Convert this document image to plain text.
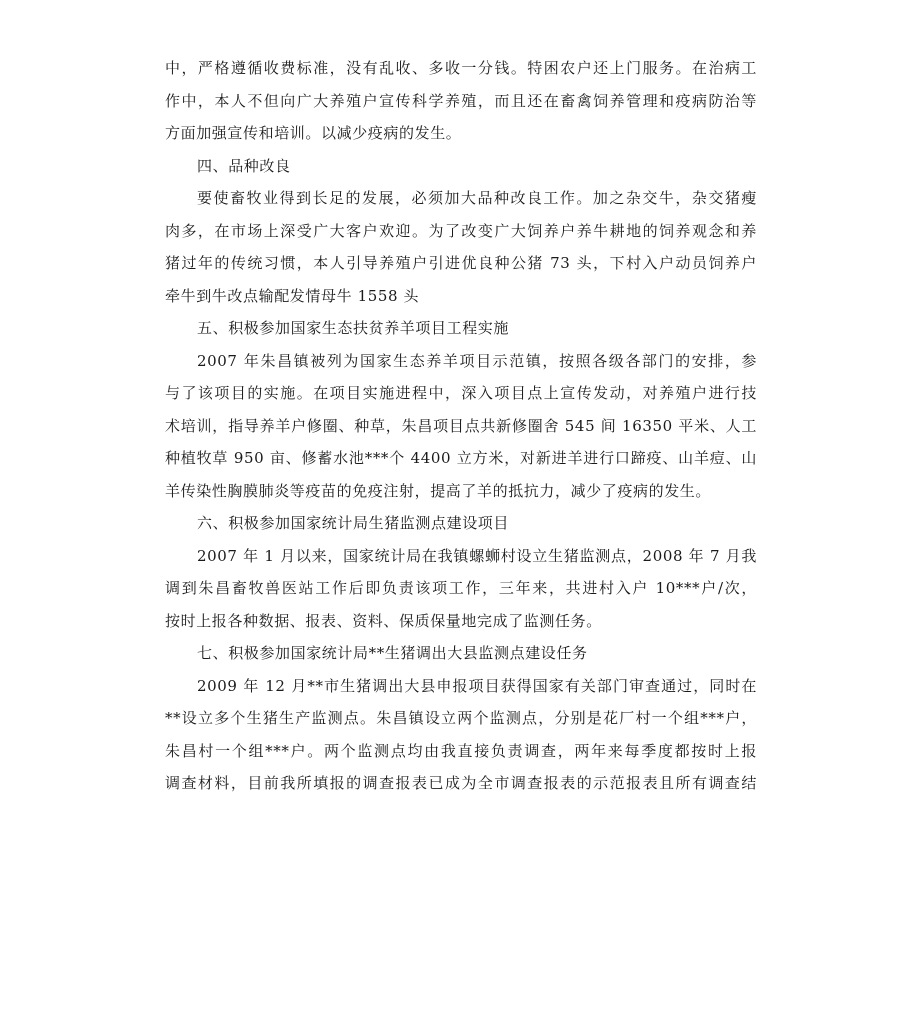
中，严格遵循收费标准，没有乱收、多收一分钱。特困农户还上门服务。在治病工
作中，本人不但向广大养殖户宣传科学养殖，而且还在畜禽饲养管理和疫病防治等
方面加强宣传和培训。以减少疫病的发生。
四、品种改良
要使畜牧业得到长足的发展，必须加大品种改良工作。加之杂交牛，杂交猪瘦
肉多，在市场上深受广大客户欢迎。为了改变广大饲养户养牛耕地的饲养观念和养
猪过年的传统习惯，本人引导养殖户引进优良种公猪 73 头，下村入户动员饲养户
牵牛到牛改点输配发情母牛 1558 头
五、积极参加国家生态扶贫养羊项目工程实施
2007 年朱昌镇被列为国家生态养羊项目示范镇，按照各级各部门的安排，参
与了该项目的实施。在项目实施进程中，深入项目点上宣传发动，对养殖户进行技
术培训，指导养羊户修圈、种草，朱昌项目点共新修圈舍 545 间 16350 平米、人工
种植牧草 950 亩、修蓄水池***个 4400 立方米，对新进羊进行口蹄疫、山羊痘、山
羊传染性胸膜肺炎等疫苗的免疫注射，提高了羊的抵抗力，减少了疫病的发生。
六、积极参加国家统计局生猪监测点建设项目
2007 年 1 月以来，国家统计局在我镇螺蛳村设立生猪监测点，2008 年 7 月我
调到朱昌畜牧兽医站工作后即负责该项工作，三年来，共进村入户 10***户/次，
按时上报各种数据、报表、资料、保质保量地完成了监测任务。
七、积极参加国家统计局**生猪调出大县监测点建设任务
2009 年 12 月**市生猪调出大县申报项目获得国家有关部门审查通过，同时在
**设立多个生猪生产监测点。朱昌镇设立两个监测点，分别是花厂村一个组***户，
朱昌村一个组***户。两个监测点均由我直接负责调查，两年来每季度都按时上报
调查材料，目前我所填报的调查报表已成为全市调查报表的示范报表且所有调查结
